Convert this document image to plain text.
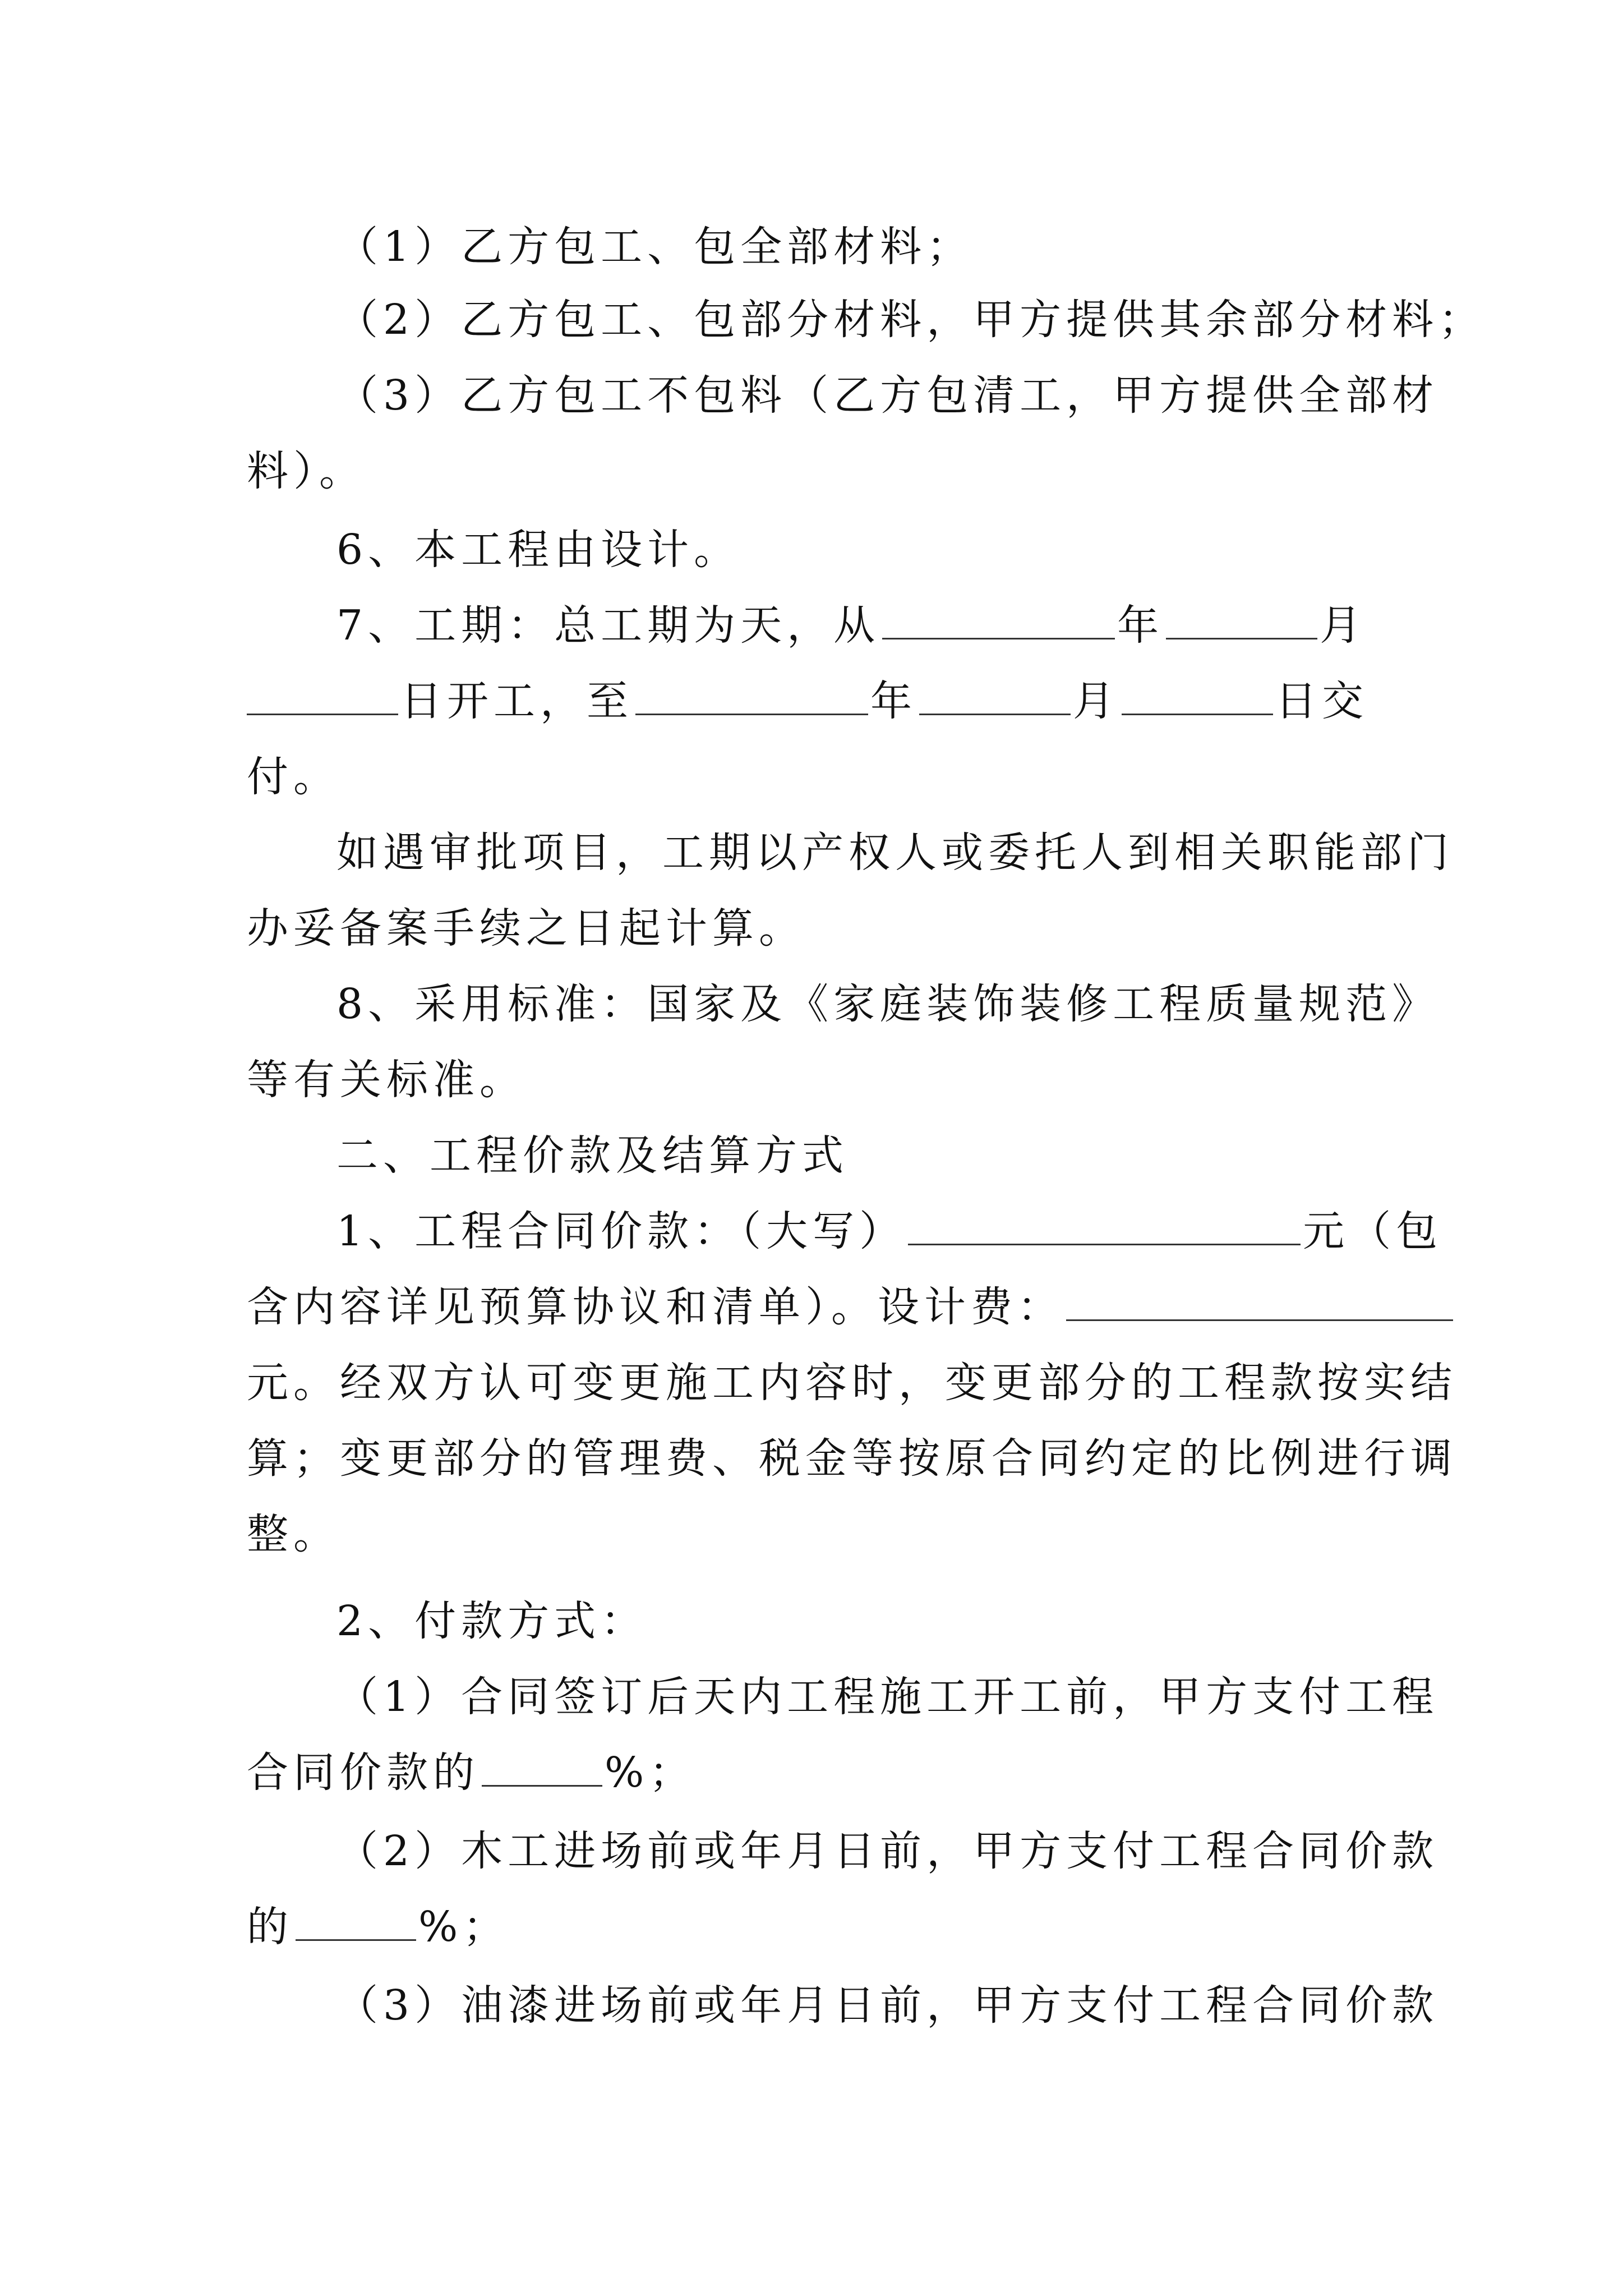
（1）乙方包工、包全部材料；
（2）乙方包工、包部分材料，甲方提供其余部分材料；
（3）乙方包工不包料（乙方包清工，甲方提供全部材
料）。
6、本工程由设计。
7、工期：总工期为天，从	年	月
日开工，至	年	月	日交
付。
如遇审批项目，工期以产权人或委托人到相关职能部门
办妥备案手续之日起计算。
8、采用标准：国家及《家庭装饰装修工程质量规范》
等有关标准。
二、工程价款及结算方式
1、工程合同价款：（大写）	元（包
含内容详见预算协议和清单）。设计费：
元。经双方认可变更施工内容时，变更部分的工程款按实结
算；变更部分的管理费、税金等按原合同约定的比例进行调
整。
2、付款方式：
（1）合同签订后天内工程施工开工前，甲方支付工程
合同价款的	%；
（2）木工进场前或年月日前，甲方支付工程合同价款
的	%；
（3）油漆进场前或年月日前，甲方支付工程合同价款
